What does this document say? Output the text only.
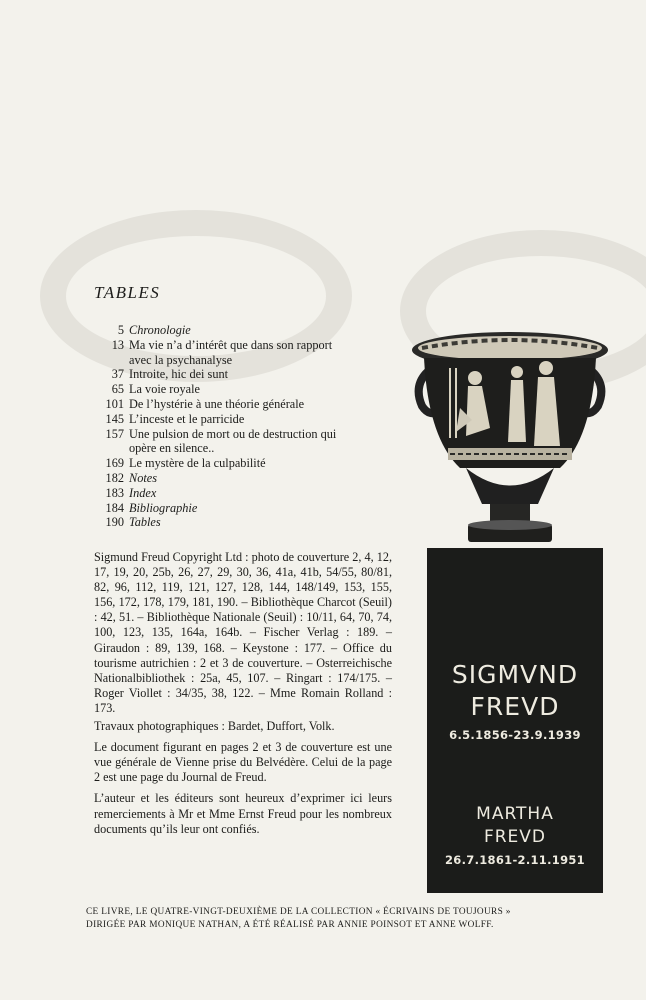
TABLES
5 Chronologie
13 Ma vie n’a d’intérêt que dans son rapport
avec la psychanalyse
37 Introite, hic dei sunt
65 La voie royale
101 De l’hystérie à une théorie générale
145 L’inceste et le parricide
157 Une pulsion de mort ou de destruction qui
opère en silence..
169 Le mystère de la culpabilité
182 Notes
183 Index
184 Bibliographie
190 Tables

Sigmund Freud Copyright Ltd : photo de couverture 2, 4, 12, 17, 19, 20, 25b, 26, 27, 29, 30, 36, 41a, 41b, 54/55, 80/81, 82, 96, 112, 119, 121, 127, 128, 144, 148/149, 153, 155, 156, 172, 178, 179, 181, 190. – Bibliothèque Charcot (Seuil) : 42, 51. – Bibliothèque Nationale (Seuil) : 10/11, 64, 70, 74, 100, 123, 135, 164a, 164b. – Fischer Verlag : 189. – Giraudon : 89, 139, 168. – Keystone : 177. – Office du tourisme autrichien : 2 et 3 de couverture. – Osterreichische Nationalbibliothek : 25a, 45, 107. – Ringart : 174/175. – Roger Viollet : 34/35, 38, 122. – Mme Romain Rolland : 173.

Travaux photographiques : Bardet, Duffort, Volk.

Le document figurant en pages 2 et 3 de couverture est une vue générale de Vienne prise du Belvédère. Celui de la page 2 est une page du Journal de Freud.

L’auteur et les éditeurs sont heureux d’exprimer ici leurs remerciements à Mr et Mme Ernst Freud pour les nombreux documents qu’ils leur ont confiés.

SIGMVND
FREVD
6.5.1856-23.9.1939
MARTHA
FREVD
26.7.1861-2.11.1951
CE LIVRE, LE QUATRE-VINGT-DEUXIÈME DE LA COLLECTION « ÉCRIVAINS DE TOUJOURS »
DIRIGÉE PAR MONIQUE NATHAN, A ÉTÉ RÉALISÉ PAR ANNIE POINSOT ET ANNE WOLFF.
